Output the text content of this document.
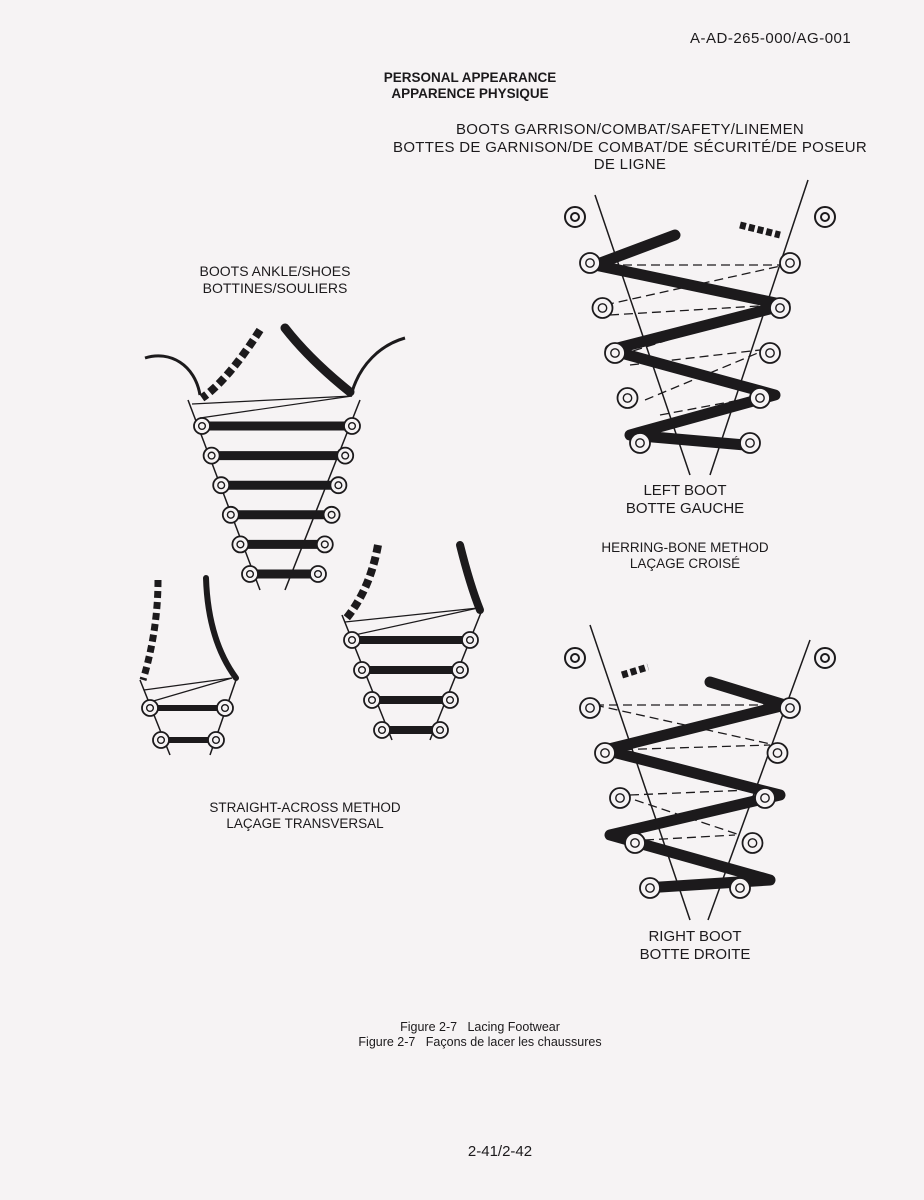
A-AD-265-000/AG-001
PERSONAL APPEARANCE
APPARENCE PHYSIQUE
BOOTS GARRISON/COMBAT/SAFETY/LINEMEN
BOTTES DE GARNISON/DE COMBAT/DE SÉCURITÉ/DE POSEUR
DE LIGNE
BOOTS ANKLE/SHOES
BOTTINES/SOULIERS
LEFT BOOT
BOTTE GAUCHE
HERRING-BONE METHOD
LAÇAGE CROISÉ
STRAIGHT-ACROSS METHOD
LAÇAGE TRANSVERSAL
RIGHT BOOT
BOTTE DROITE
Figure 2-7   Lacing Footwear
Figure 2-7   Façons de lacer les chaussures
2-41/2-42
